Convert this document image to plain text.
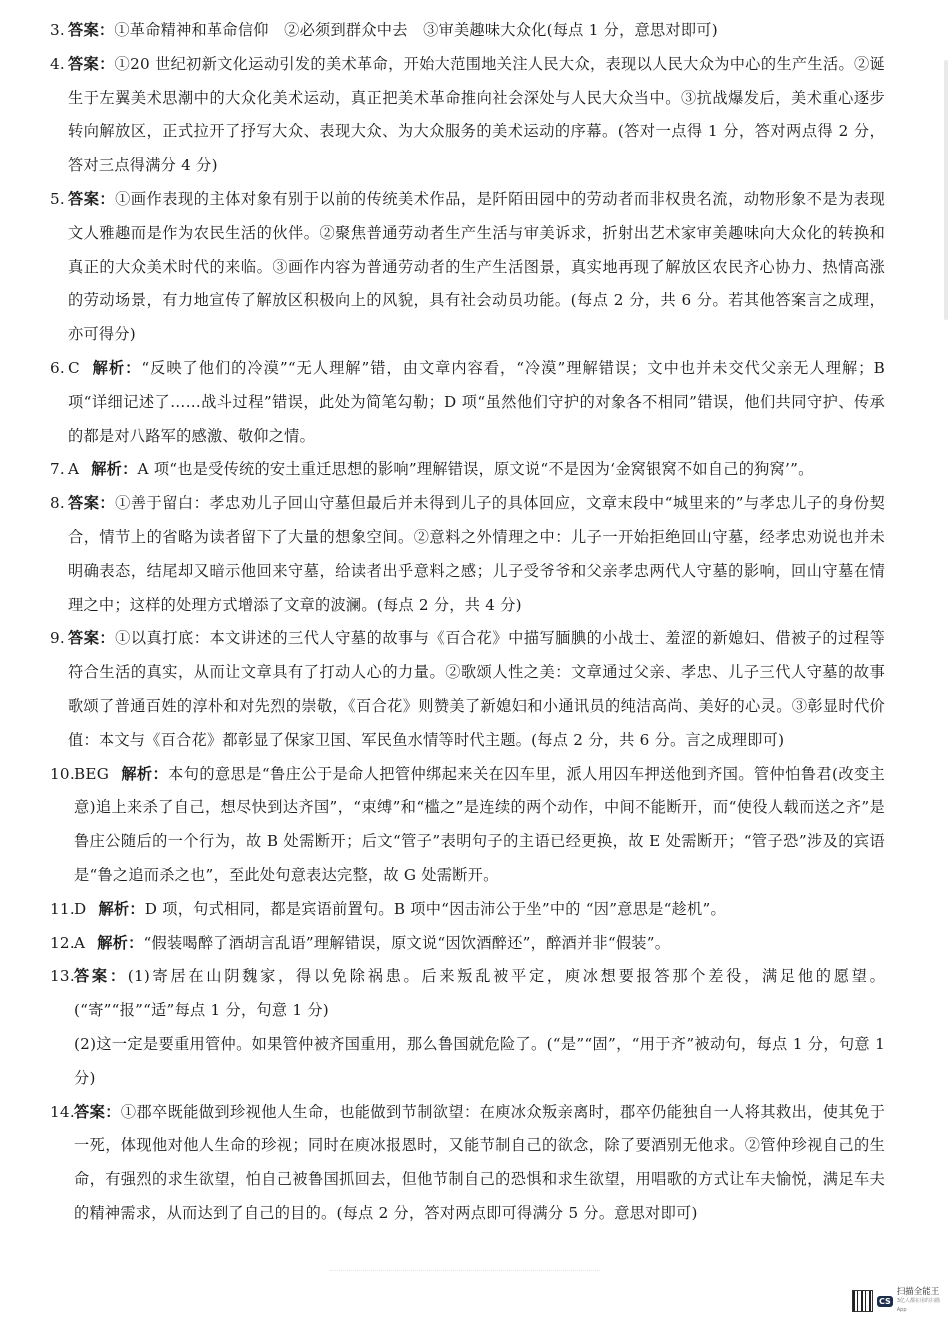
3. 答案：①革命精神和革命信仰　②必须到群众中去　③审美趣味大众化(每点 1 分，意思对即可)
4. 答案：①20 世纪初新文化运动引发的美术革命，开始大范围地关注人民大众，表现以人民大众为中心的生产生活。②诞生于左翼美术思潮中的大众化美术运动，真正把美术革命推向社会深处与人民大众当中。③抗战爆发后，美术重心逐步转向解放区，正式拉开了抒写大众、表现大众、为大众服务的美术运动的序幕。(答对一点得 1 分，答对两点得 2 分，答对三点得满分 4 分)
5. 答案：①画作表现的主体对象有别于以前的传统美术作品，是阡陌田园中的劳动者而非权贵名流，动物形象不是为表现文人雅趣而是作为农民生活的伙伴。②聚焦普通劳动者生产生活与审美诉求，折射出艺术家审美趣味向大众化的转换和真正的大众美术时代的来临。③画作内容为普通劳动者的生产生活图景，真实地再现了解放区农民齐心协力、热情高涨的劳动场景，有力地宣传了解放区积极向上的风貌，具有社会动员功能。(每点 2 分，共 6 分。若其他答案言之成理，亦可得分)
6. C 解析：“反映了他们的冷漠”“无人理解”错，由文章内容看，“冷漠”理解错误；文中也并未交代父亲无人理解；B 项“详细记述了……战斗过程”错误，此处为简笔勾勒；D 项“虽然他们守护的对象各不相同”错误，他们共同守护、传承的都是对八路军的感激、敬仰之情。
7. A 解析：A 项“也是受传统的安土重迁思想的影响”理解错误，原文说“不是因为‘金窝银窝不如自己的狗窝’”。
8. 答案：①善于留白：孝忠劝儿子回山守墓但最后并未得到儿子的具体回应，文章末段中“城里来的”与孝忠儿子的身份契合，情节上的省略为读者留下了大量的想象空间。②意料之外情理之中：儿子一开始拒绝回山守墓，经孝忠劝说也并未明确表态，结尾却又暗示他回来守墓，给读者出乎意料之感；儿子受爷爷和父亲孝忠两代人守墓的影响，回山守墓在情理之中；这样的处理方式增添了文章的波澜。(每点 2 分，共 4 分)
9. 答案：①以真打底：本文讲述的三代人守墓的故事与《百合花》中描写腼腆的小战士、羞涩的新媳妇、借被子的过程等符合生活的真实，从而让文章具有了打动人心的力量。②歌颂人性之美：文章通过父亲、孝忠、儿子三代人守墓的故事歌颂了普通百姓的淳朴和对先烈的崇敬，《百合花》则赞美了新媳妇和小通讯员的纯洁高尚、美好的心灵。③彰显时代价值：本文与《百合花》都彰显了保家卫国、军民鱼水情等时代主题。(每点 2 分，共 6 分。言之成理即可)
10. BEG 解析：本句的意思是“鲁庄公于是命人把管仲绑起来关在囚车里，派人用囚车押送他到齐国。管仲怕鲁君(改变主意)追上来杀了自己，想尽快到达齐国”，“束缚”和“槛之”是连续的两个动作，中间不能断开，而“使役人载而送之齐”是鲁庄公随后的一个行为，故 B 处需断开；后文“管子”表明句子的主语已经更换，故 E 处需断开；“管子恐”涉及的宾语是“鲁之追而杀之也”，至此处句意表达完整，故 G 处需断开。
11. D 解析：D 项，句式相同，都是宾语前置句。B 项中“因击沛公于坐”中的 “因”意思是“趁机”。
12. A 解析：“假装喝醉了酒胡言乱语”理解错误，原文说“因饮酒醉还”，醉酒并非“假装”。
13. 答案：(1)寄居在山阴魏家，得以免除祸患。后来叛乱被平定，庾冰想要报答那个差役，满足他的愿望。(“寄”“报”“适”每点 1 分，句意 1 分)
(2)这一定是要重用管仲。如果管仲被齐国重用，那么鲁国就危险了。(“是”“固”，“用于齐”被动句，每点 1 分，句意 1 分)
14. 答案：①郡卒既能做到珍视他人生命，也能做到节制欲望：在庾冰众叛亲离时，郡卒仍能独自一人将其救出，使其免于一死，体现他对他人生命的珍视；同时在庾冰报恩时，又能节制自己的欲念，除了要酒别无他求。②管仲珍视自己的生命，有强烈的求生欲望，怕自己被鲁国抓回去，但他节制自己的恐惧和求生欲望，用唱歌的方式让车夫愉悦，满足车夫的精神需求，从而达到了自己的目的。(每点 2 分，答对两点即可得满分 5 分。意思对即可)
CS
扫描全能王
3亿人都在用的扫描App
